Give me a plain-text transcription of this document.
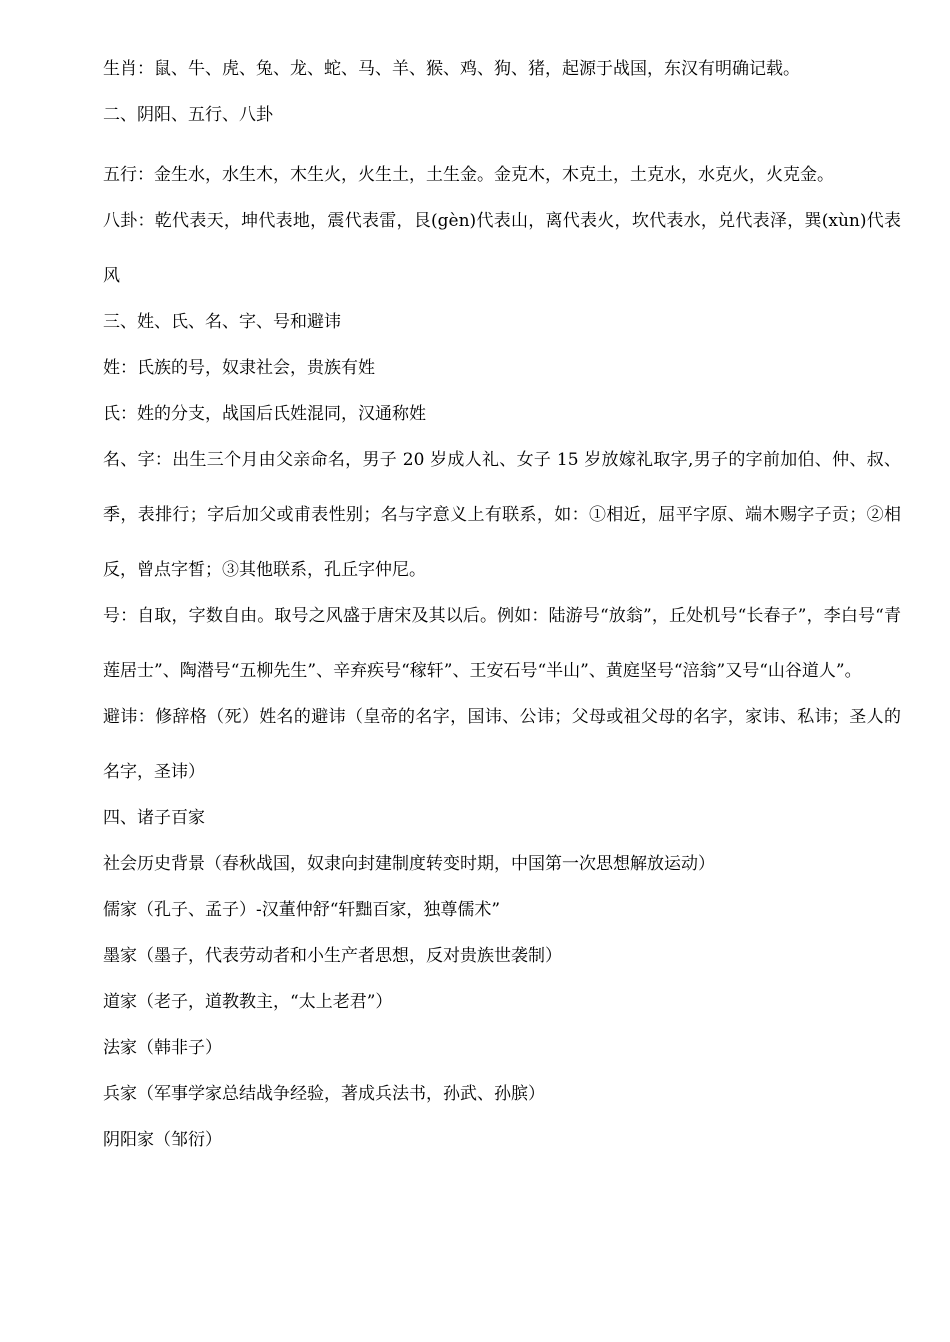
生肖：鼠、牛、虎、兔、龙、蛇、马、羊、猴、鸡、狗、猪，起源于战国，东汉有明确记载。

二、阴阳、五行、八卦

五行：金生水，水生木，木生火，火生土，土生金。金克木，木克土，土克水，水克火，火克金。

八卦：乾代表天，坤代表地，震代表雷，艮(gèn)代表山，离代表火，坎代表水，兑代表泽，巽(xùn)代表风

三、姓、氏、名、字、号和避讳

姓：氏族的号，奴隶社会，贵族有姓

氏：姓的分支，战国后氏姓混同，汉通称姓

名、字：出生三个月由父亲命名，男子 20 岁成人礼、女子 15 岁放嫁礼取字,男子的字前加伯、仲、叔、季，表排行；字后加父或甫表性别；名与字意义上有联系，如：①相近，屈平字原、端木赐字子贡；②相反，曾点字皙；③其他联系，孔丘字仲尼。

号：自取，字数自由。取号之风盛于唐宋及其以后。例如：陆游号“放翁”，丘处机号“长春子”，李白号“青莲居士”、陶潜号“五柳先生”、辛弃疾号“稼轩”、王安石号“半山”、黄庭坚号“涪翁”又号“山谷道人”。

避讳：修辞格（死）姓名的避讳（皇帝的名字，国讳、公讳；父母或祖父母的名字，家讳、私讳；圣人的名字，圣讳）

四、诸子百家

社会历史背景（春秋战国，奴隶向封建制度转变时期，中国第一次思想解放运动）

儒家（孔子、孟子）-汉董仲舒“轩黜百家，独尊儒术”

墨家（墨子，代表劳动者和小生产者思想，反对贵族世袭制）

道家（老子，道教教主，“太上老君”）

法家（韩非子）

兵家（军事学家总结战争经验，著成兵法书，孙武、孙膑）

阴阳家（邹衍）
